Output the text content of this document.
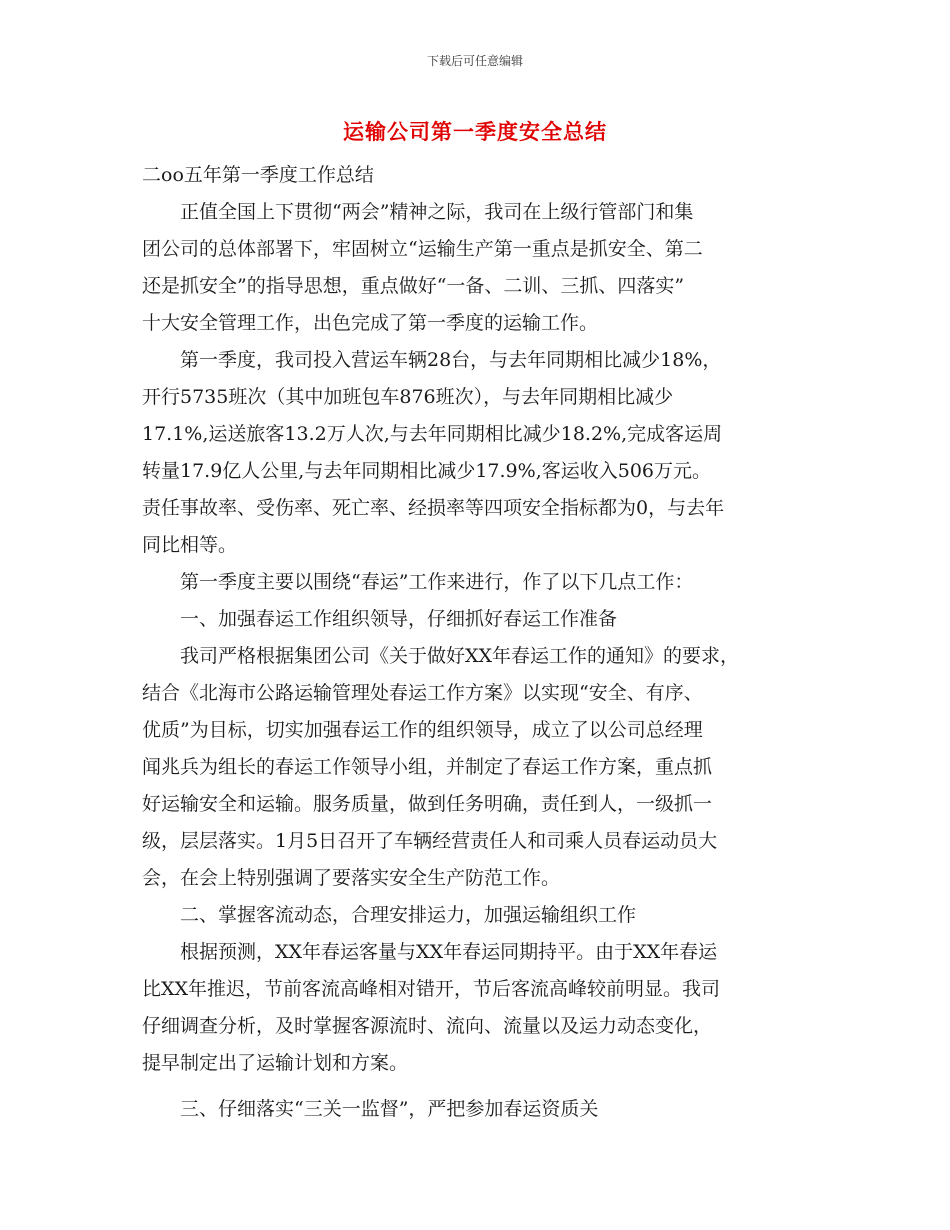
下载后可任意编辑
运输公司第一季度安全总结
二oo五年第一季度工作总结
　　正值全国上下贯彻“两会”精神之际，我司在上级行管部门和集
团公司的总体部署下，牢固树立“运输生产第一重点是抓安全、第二
还是抓安全”的指导思想，重点做好“一备、二训、三抓、四落实”
十大安全管理工作，出色完成了第一季度的运输工作。
　　第一季度，我司投入营运车辆28台，与去年同期相比减少18%，
开行5735班次（其中加班包车876班次），与去年同期相比减少
17.1%,运送旅客13.2万人次,与去年同期相比减少18.2%,完成客运周
转量17.9亿人公里,与去年同期相比减少17.9%,客运收入506万元。
责任事故率、受伤率、死亡率、经损率等四项安全指标都为0，与去年
同比相等。
　　第一季度主要以围绕“春运”工作来进行，作了以下几点工作：
　　一、加强春运工作组织领导，仔细抓好春运工作准备
　　我司严格根据集团公司《关于做好XX年春运工作的通知》的要求，
结合《北海市公路运输管理处春运工作方案》以实现“安全、有序、
优质”为目标，切实加强春运工作的组织领导，成立了以公司总经理
闻兆兵为组长的春运工作领导小组，并制定了春运工作方案，重点抓
好运输安全和运输。服务质量，做到任务明确，责任到人，一级抓一
级，层层落实。1月5日召开了车辆经营责任人和司乘人员春运动员大
会，在会上特别强调了要落实安全生产防范工作。
　　二、掌握客流动态，合理安排运力，加强运输组织工作
　　根据预测，XX年春运客量与XX年春运同期持平。由于XX年春运
比XX年推迟，节前客流高峰相对错开，节后客流高峰较前明显。我司
仔细调查分析，及时掌握客源流时、流向、流量以及运力动态变化，
提早制定出了运输计划和方案。
　　三、仔细落实“三关一监督”，严把参加春运资质关
